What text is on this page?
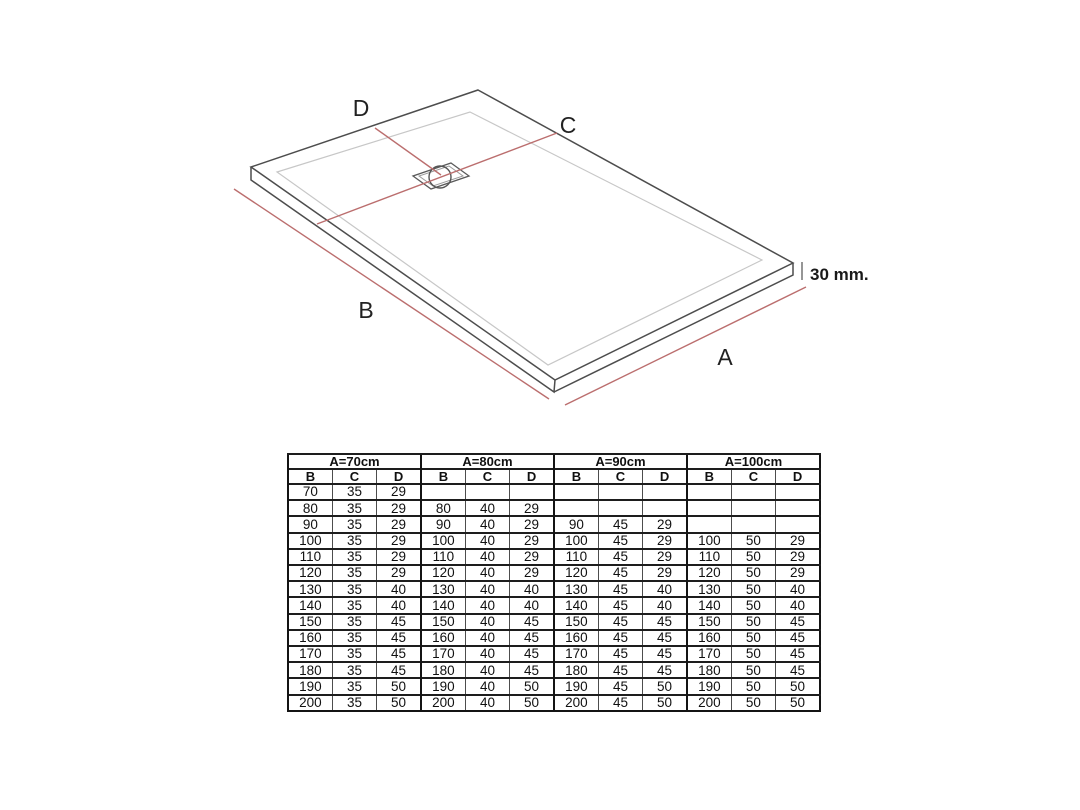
30 mm.
D
C
B
A
A=70cm			A=80cm			A=90cm			A=100cm		
B	C	D	B	C	D	B	C	D	B	C	D
70	35	29									
80	35	29	80	40	29						
90	35	29	90	40	29	90	45	29			
100	35	29	100	40	29	100	45	29	100	50	29
110	35	29	110	40	29	110	45	29	110	50	29
120	35	29	120	40	29	120	45	29	120	50	29
130	35	40	130	40	40	130	45	40	130	50	40
140	35	40	140	40	40	140	45	40	140	50	40
150	35	45	150	40	45	150	45	45	150	50	45
160	35	45	160	40	45	160	45	45	160	50	45
170	35	45	170	40	45	170	45	45	170	50	45
180	35	45	180	40	45	180	45	45	180	50	45
190	35	50	190	40	50	190	45	50	190	50	50
200	35	50	200	40	50	200	45	50	200	50	50
